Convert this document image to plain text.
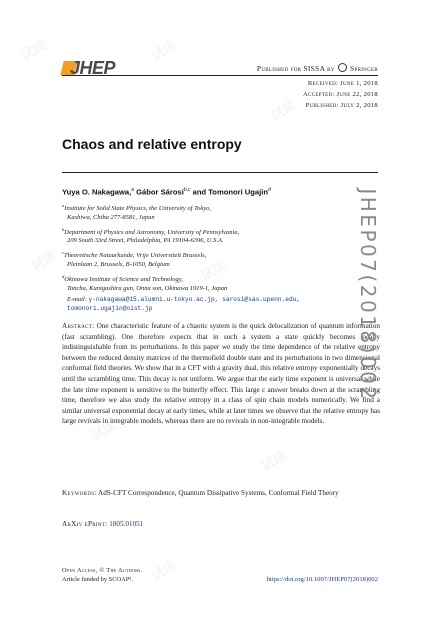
试读	试读
试读
试读	试读
试读
试读
试读
JHEP	Published for SISSA by Springer
Received: June 1, 2018
Accepted: June 22, 2018
Published: July 2, 2018
Chaos and relative entropy
Yuya O. Nakagawa,$^a$ Gábor Sárosi$^{b,c}$ and Tomonori Ugajin$^d$
$^a$Institute for Solid State Physics, the University of Tokyo,
Kashiwa, Chiba 277-8581, Japan
$^b$Department of Physics and Astronomy, University of Pennsylvania,
209 South 33rd Street, Philadelphia, PA 19104-6396, U.S.A.
$^c$Theoretische Natuurkunde, Vrije Universiteit Brussels,
Pleinlaan 2, Brussels, B-1050, Belgium
$^d$Okinawa Institute of Science and Technology,
Tancha, Kunigashira gun, Onna son, Okinawa 1919-1, Japan
E-mail: y-nakagawa@15.alumni.u-tokyo.ac.jp, sarosi@sas.upenn.edu,
tomonori.ugajin@oist.jp
Abstract: One characteristic feature of a chaotic system is the quick delocalization of quantum information (fast scrambling). One therefore expects that in such a system a state quickly becomes locally indistinguishable from its perturbations. In this paper we study the time dependence of the relative entropy between the reduced density matrices of the thermofield double state and its perturbations in two dimensional conformal field theories. We show that in a CFT with a gravity dual, this relative entropy exponentially decays until the scrambling time. This decay is not uniform. We argue that the early time exponent is universal while the late time exponent is sensitive to the butterfly effect. This large c answer breaks down at the scrambling time, therefore we also study the relative entropy in a class of spin chain models numerically. We find a similar universal exponential decay at early times, while at later times we observe that the relative entropy has large revivals in integrable models, whereas there are no revivals in non-integrable models.
Keywords: AdS-CFT Correspondence, Quantum Dissipative Systems, Conformal Field Theory
ArXiv ePrint: 1805.01051
Open Access, © The Authors.
Article funded by SCOAP³.	https://doi.org/10.1007/JHEP07(2018)002
JHEP07(2018)002
